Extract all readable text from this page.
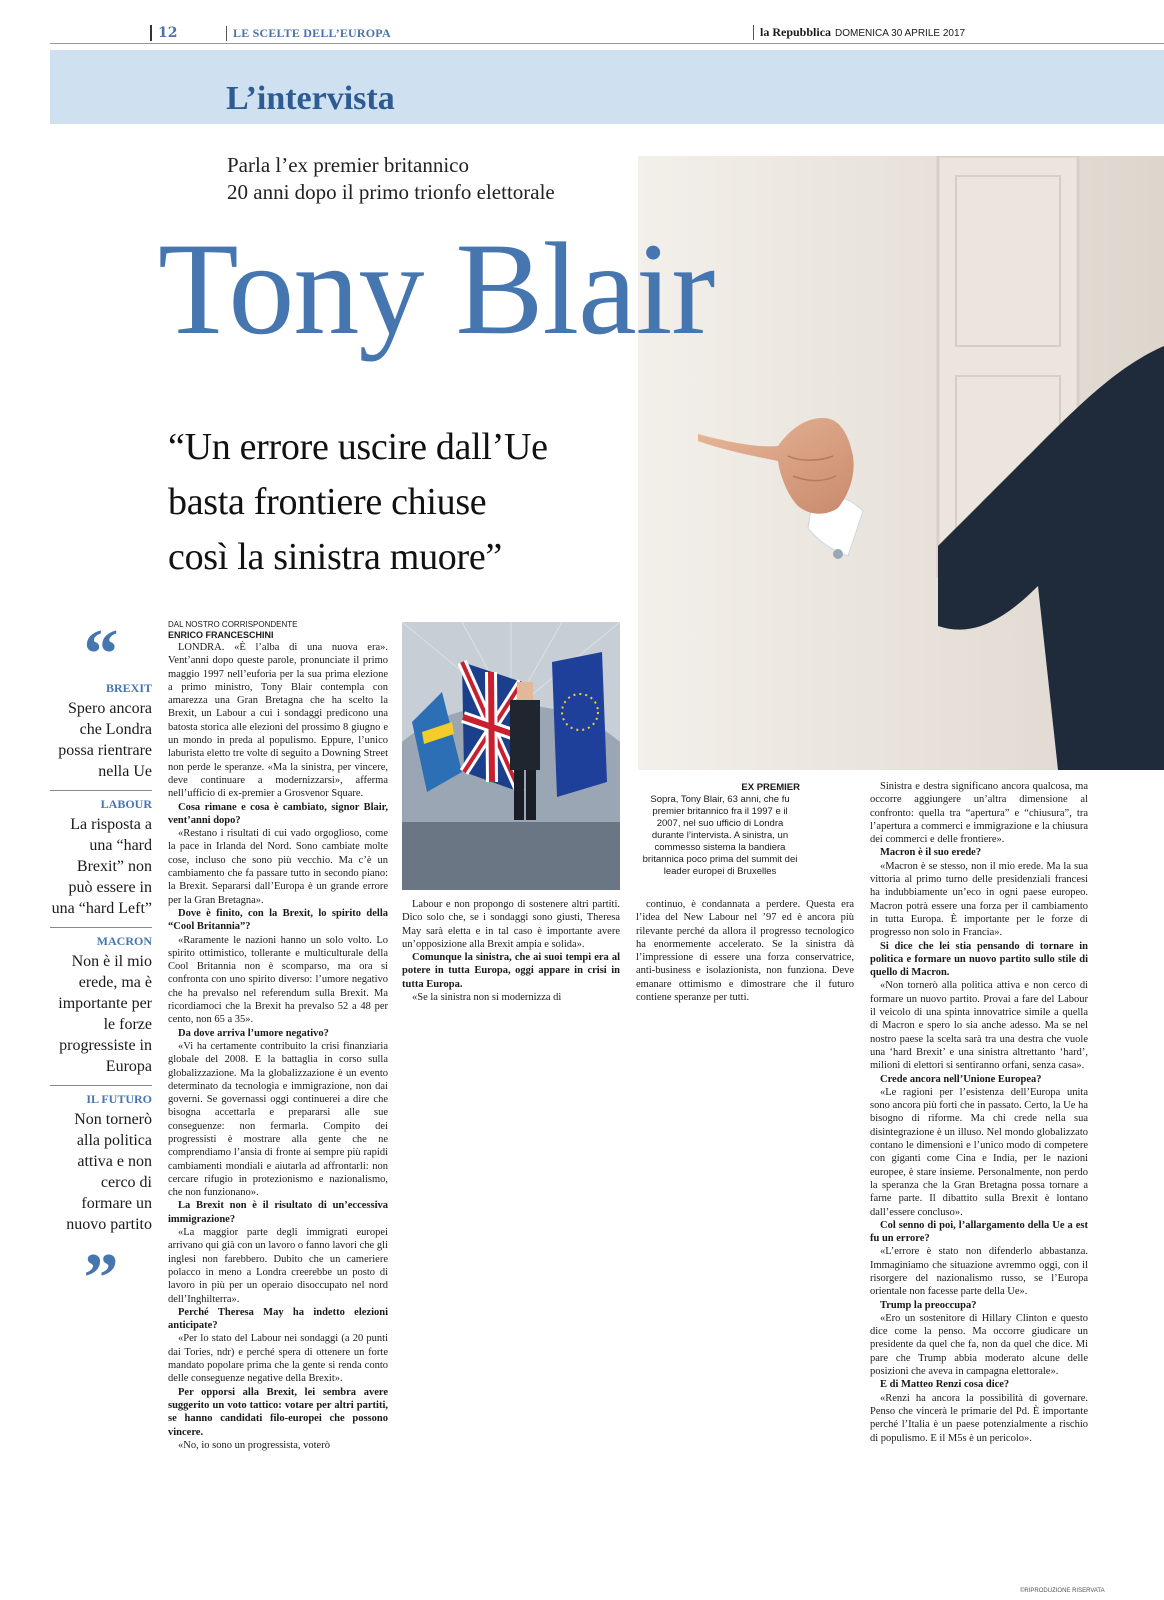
12	LE SCELTE DELL’EUROPA	la Repubblica DOMENICA 30 APRILE 2017
L’intervista
Parla l’ex premier britannico
20 anni dopo il primo trionfo elettorale
Tony Blair
“Un errore uscire dall’Ue
basta frontiere chiuse
così la sinistra muore”
“
BREXIT
Spero ancora che Londra possa rientrare nella Ue
LABOUR
La risposta a una “hard Brexit” non può essere in una “hard Left”
MACRON
Non è il mio erede, ma è importante per le forze progressiste in Europa
IL FUTURO
Non tornerò alla politica attiva e non cerco di formare un nuovo partito
”
EX PREMIER
Sopra, Tony Blair, 63 anni, che fu premier britannico fra il 1997 e il 2007, nel suo ufficio di Londra durante l’intervista. A sinistra, un commesso sistema la bandiera britannica poco prima del summit dei leader europei di Bruxelles

DAL NOSTRO CORRISPONDENTE
ENRICO FRANCESCHINI

LONDRA. «È l’alba di una nuova era». Vent’anni dopo queste parole, pronunciate il primo maggio 1997 nell’euforia per la sua prima elezione a primo ministro, Tony Blair contempla con amarezza una Gran Bretagna che ha scelto la Brexit, un Labour a cui i sondaggi predicono una batosta storica alle elezioni del prossimo 8 giugno e un mondo in preda al populismo. Eppure, l’unico laburista eletto tre volte di seguito a Downing Street non perde le speranze. «Ma la sinistra, per vincere, deve continuare a modernizzarsi», afferma nell’ufficio di ex-premier a Grosvenor Square.

Cosa rimane e cosa è cambiato, signor Blair, vent’anni dopo?

«Restano i risultati di cui vado orgoglioso, come la pace in Irlanda del Nord. Sono cambiate molte cose, incluso che sono più vecchio. Ma c’è un cambiamento che fa passare tutto in secondo piano: la Brexit. Separarsi dall’Europa è un grande errore per la Gran Bretagna».

Dove è finito, con la Brexit, lo spirito della “Cool Britannia”?

«Raramente le nazioni hanno un solo volto. Lo spirito ottimistico, tollerante e multiculturale della Cool Britannia non è scomparso, ma ora si confronta con uno spirito diverso: l’umore negativo che ha prevalso nel referendum sulla Brexit. Ma ricordiamoci che la Brexit ha prevalso 52 a 48 per cento, non 65 a 35».

Da dove arriva l’umore negativo?

«Vi ha certamente contribuito la crisi finanziaria globale del 2008. E la battaglia in corso sulla globalizzazione. Ma la globalizzazione è un evento determinato da tecnologia e immigrazione, non dai governi. Se governassi oggi continuerei a dire che bisogna accettarla e prepararsi alle sue conseguenze: non fermarla. Compito dei progressisti è mostrare alla gente che ne comprendiamo l’ansia di fronte ai sempre più rapidi cambiamenti mondiali e aiutarla ad affrontarli: non cercare rifugio in protezionismo e nazionalismo, che non funzionano».

La Brexit non è il risultato di un’eccessiva immigrazione?

«La maggior parte degli immigrati europei arrivano qui già con un lavoro o fanno lavori che gli inglesi non farebbero. Dubito che un cameriere polacco in meno a Londra creerebbe un posto di lavoro in più per un operaio disoccupato nel nord dell’Inghilterra».

Perché Theresa May ha indetto elezioni anticipate?

«Per lo stato del Labour nei sondaggi (a 20 punti dai Tories, ndr) e perché spera di ottenere un forte mandato popolare prima che la gente si renda conto delle conseguenze negative della Brexit».

Per opporsi alla Brexit, lei sembra avere suggerito un voto tattico: votare per altri partiti, se hanno candidati filo-europei che possono vincere.

«No, io sono un progressista, voterò

Labour e non propongo di sostenere altri partiti. Dico solo che, se i sondaggi sono giusti, Theresa May sarà eletta e in tal caso è importante avere un’opposizione alla Brexit ampia e solida».

Comunque la sinistra, che ai suoi tempi era al potere in tutta Europa, oggi appare in crisi in tutta Europa.

«Se la sinistra non si modernizza di

continuo, è condannata a perdere. Questa era l’idea del New Labour nel ’97 ed è ancora più rilevante perché da allora il progresso tecnologico ha enormemente accelerato. Se la sinistra dà l’impressione di essere una forza conservatrice, anti-business e isolazionista, non funziona. Deve emanare ottimismo e dimostrare che il futuro contiene speranze per tutti.

Sinistra e destra significano ancora qualcosa, ma occorre aggiungere un’altra dimensione al confronto: quella tra “apertura” e “chiusura”, tra l’apertura a commerci e immigrazione e la chiusura dei commerci e delle frontiere».

Macron è il suo erede?

«Macron è se stesso, non il mio erede. Ma la sua vittoria al primo turno delle presidenziali francesi ha indubbiamente un’eco in ogni paese europeo. Macron potrà essere una forza per il cambiamento in tutta Europa. È importante per le forze di progresso non solo in Francia».

Si dice che lei stia pensando di tornare in politica e formare un nuovo partito sullo stile di quello di Macron.

«Non tornerò alla politica attiva e non cerco di formare un nuovo partito. Provai a fare del Labour il veicolo di una spinta innovatrice simile a quella di Macron e spero lo sia anche adesso. Ma se nel nostro paese la scelta sarà tra una destra che vuole una ‘hard Brexit’ e una sinistra altrettanto ‘hard’, milioni di elettori si sentiranno orfani, senza casa».

Crede ancora nell’Unione Europea?

«Le ragioni per l’esistenza dell’Europa unita sono ancora più forti che in passato. Certo, la Ue ha bisogno di riforme. Ma chi crede nella sua disintegrazione è un illuso. Nel mondo globalizzato contano le dimensioni e l’unico modo di competere con giganti come Cina e India, per le nazioni europee, è stare insieme. Personalmente, non perdo la speranza che la Gran Bretagna possa tornare a farne parte. Il dibattito sulla Brexit è lontano dall’essere concluso».

Col senno di poi, l’allargamento della Ue a est fu un errore?

«L’errore è stato non difenderlo abbastanza. Immaginiamo che situazione avremmo oggi, con il risorgere del nazionalismo russo, se l’Europa orientale non facesse parte della Ue».

Trump la preoccupa?

«Ero un sostenitore di Hillary Clinton e questo dice come la penso. Ma occorre giudicare un presidente da quel che fa, non da quel che dice. Mi pare che Trump abbia moderato alcune delle posizioni che aveva in campagna elettorale».

E di Matteo Renzi cosa dice?

«Renzi ha ancora la possibilità di governare. Penso che vincerà le primarie del Pd. È importante perché l’Italia è un paese potenzialmente a rischio di populismo. E il M5s è un pericolo».

©RIPRODUZIONE RISERVATA
